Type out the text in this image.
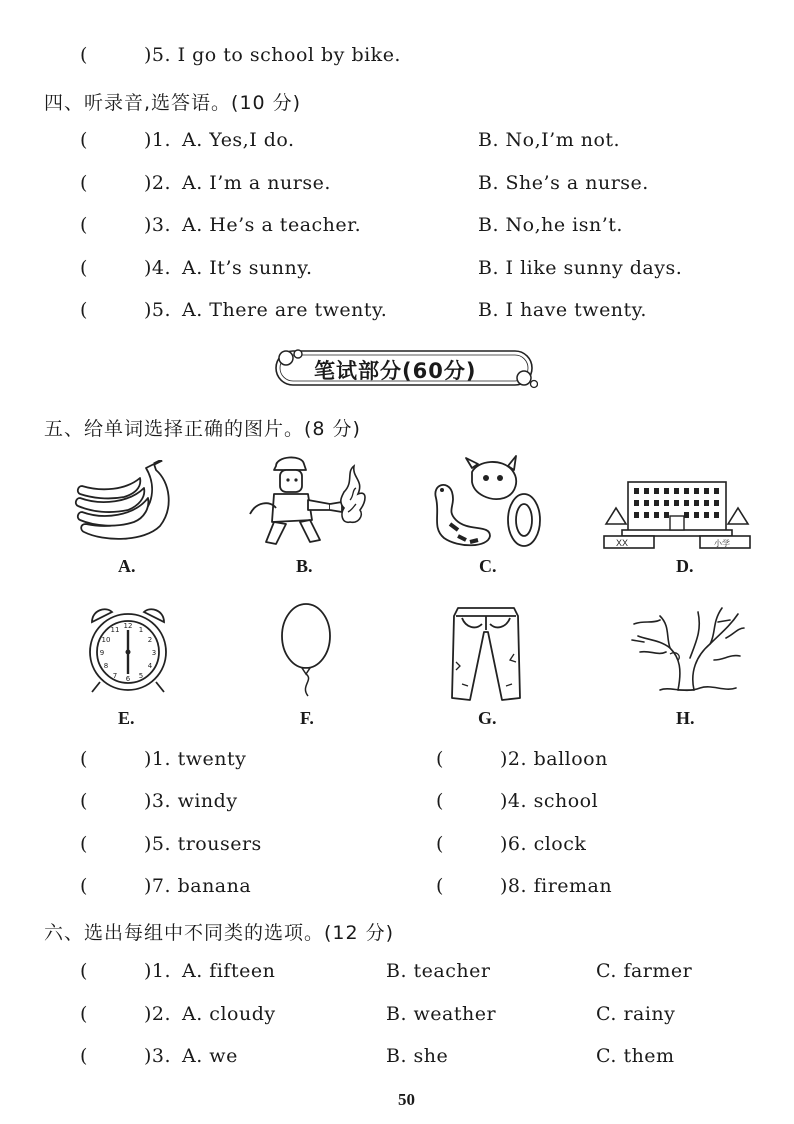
(	)5. I go to school by bike.
四、听录音,选答语。(10 分)
(	)1. A. Yes,I do.	B. No,I’m not.
(	)2. A. I’m a nurse.	B. She’s a nurse.
(	)3. A. He’s a teacher.	B. No,he isn’t.
(	)4. A. It’s sunny.	B. I like sunny days.
(	)5. A. There are twenty.	B. I have twenty.
笔试部分(60分)
五、给单词选择正确的图片。(8 分)
A.	B.	C.
XX	小学
D.
12 1
2
3
4
5
6
7
8
9
10
11
E.	F.	G.	H.
(	)1. twenty	(	)2. balloon
(	)3. windy	(	)4. school
(	)5. trousers	(	)6. clock
(	)7. banana	(	)8. fireman
六、选出每组中不同类的选项。(12 分)
(	)1. A. fifteen	B. teacher	C. farmer
(	)2. A. cloudy	B. weather	C. rainy
(	)3. A. we	B. she	C. them
50
